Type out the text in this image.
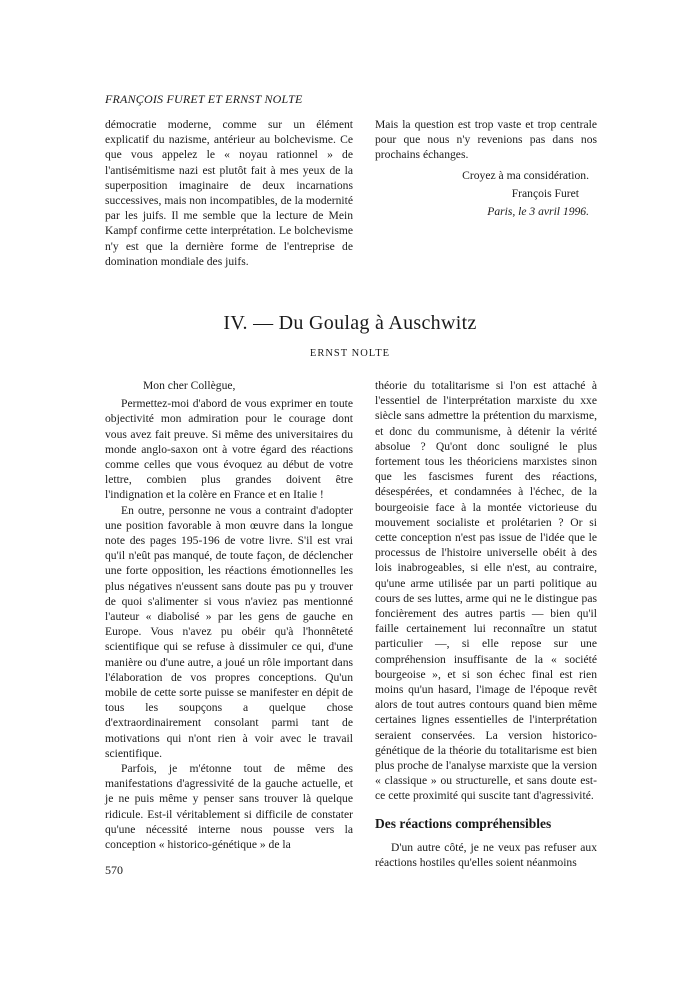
FRANÇOIS FURET ET ERNST NOLTE

démocratie moderne, comme sur un élément explicatif du nazisme, antérieur au bolchevisme. Ce que vous appelez le « noyau rationnel » de l'antisémitisme nazi est plutôt fait à mes yeux de la superposition imaginaire de deux incarnations successives, mais non incompatibles, de la modernité par les juifs. Il me semble que la lecture de Mein Kampf confirme cette interprétation. Le bolchevisme n'y est que la dernière forme de l'entreprise de domination mondiale des juifs.

Mais la question est trop vaste et trop centrale pour que nous n'y revenions pas dans nos prochains échanges.

Croyez à ma considération.

François Furet

Paris, le 3 avril 1996.

IV. — Du Goulag à Auschwitz
ERNST NOLTE

Mon cher Collègue,

Permettez-moi d'abord de vous exprimer en toute objectivité mon admiration pour le courage dont vous avez fait preuve. Si même des universitaires du monde anglo-saxon ont à votre égard des réactions comme celles que vous évoquez au début de votre lettre, combien plus grandes doivent être l'indignation et la colère en France et en Italie !

En outre, personne ne vous a contraint d'adopter une position favorable à mon œuvre dans la longue note des pages 195-196 de votre livre. S'il est vrai qu'il n'eût pas manqué, de toute façon, de déclencher une forte opposition, les réactions émotionnelles les plus négatives n'eussent sans doute pas pu y trouver de quoi s'alimenter si vous n'aviez pas mentionné l'auteur « diabolisé » par les gens de gauche en Europe. Vous n'avez pu obéir qu'à l'honnêteté scientifique qui se refuse à dissimuler ce qui, d'une manière ou d'une autre, a joué un rôle important dans l'élaboration de vos propres conceptions. Qu'un mobile de cette sorte puisse se manifester en dépit de tous les soupçons a quelque chose d'extraordinairement consolant parmi tant de motivations qui n'ont rien à voir avec le travail scientifique.

Parfois, je m'étonne tout de même des manifestations d'agressivité de la gauche actuelle, et je ne puis même y penser sans trouver là quelque ridicule. Est-il véritablement si difficile de constater qu'une nécessité interne nous pousse vers la conception « historico-génétique » de la

théorie du totalitarisme si l'on est attaché à l'essentiel de l'interprétation marxiste du xxe siècle sans admettre la prétention du marxisme, et donc du communisme, à détenir la vérité absolue ? Qu'ont donc souligné le plus fortement tous les théoriciens marxistes sinon que les fascismes furent des réactions, désespérées, et condamnées à l'échec, de la bourgeoisie face à la montée victorieuse du mouvement socialiste et prolétarien ? Or si cette conception n'est pas issue de l'idée que le processus de l'histoire universelle obéit à des lois inabrogeables, si elle n'est, au contraire, qu'une arme utilisée par un parti politique au cours de ses luttes, arme qui ne le distingue pas foncièrement des autres partis — bien qu'il faille certainement lui reconnaître un statut particulier —, si elle repose sur une compréhension insuffisante de la « société bourgeoise », et si son échec final est rien moins qu'un hasard, l'image de l'époque revêt alors de tout autres contours quand bien même certaines lignes essentielles de l'interprétation seraient conservées. La version historico-génétique de la théorie du totalitarisme est bien plus proche de l'analyse marxiste que la version « classique » ou structurelle, et sans doute est-ce cette proximité qui suscite tant d'agressivité.

Des réactions compréhensibles

D'un autre côté, je ne veux pas refuser aux réactions hostiles qu'elles soient néanmoins

570
